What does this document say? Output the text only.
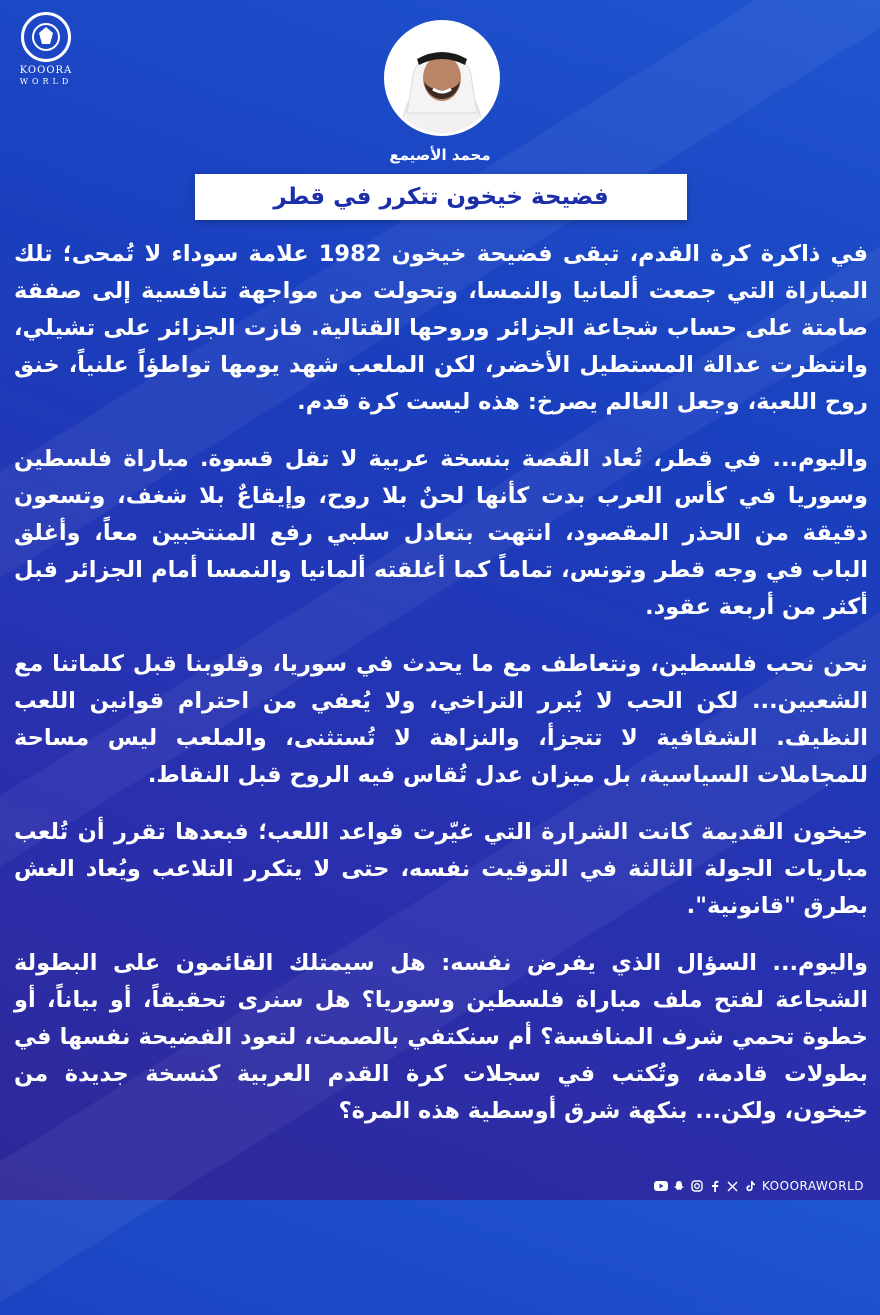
KOOORA
WORLD
محمد الأصيمع
فضيحة خيخون تتكرر في قطر

في ذاكرة كرة القدم، تبقى فضيحة خيخون 1982 علامة سوداء لا تُمحى؛ تلك المباراة التي جمعت ألمانيا والنمسا، وتحولت من مواجهة تنافسية إلى صفقة صامتة على حساب شجاعة الجزائر وروحها القتالية. فازت الجزائر على تشيلي، وانتظرت عدالة المستطيل الأخضر، لكن الملعب شهد يومها تواطؤاً علنياً، خنق روح اللعبة، وجعل العالم يصرخ: هذه ليست كرة قدم.

واليوم... في قطر، تُعاد القصة بنسخة عربية لا تقل قسوة. مباراة فلسطين وسوريا في كأس العرب بدت كأنها لحنٌ بلا روح، وإيقاعٌ بلا شغف، وتسعون دقيقة من الحذر المقصود، انتهت بتعادل سلبي رفع المنتخبين معاً، وأغلق الباب في وجه قطر وتونس، تماماً كما أغلقته ألمانيا والنمسا أمام الجزائر قبل أكثر من أربعة عقود.

نحن نحب فلسطين، ونتعاطف مع ما يحدث في سوريا، وقلوبنا قبل كلماتنا مع الشعبين... لكن الحب لا يُبرر التراخي، ولا يُعفي من احترام قوانين اللعب النظيف. الشفافية لا تتجزأ، والنزاهة لا تُستثنى، والملعب ليس مساحة للمجاملات السياسية، بل ميزان عدل تُقاس فيه الروح قبل النقاط.

خيخون القديمة كانت الشرارة التي غيّرت قواعد اللعب؛ فبعدها تقرر أن تُلعب مباريات الجولة الثالثة في التوقيت نفسه، حتى لا يتكرر التلاعب ويُعاد الغش بطرق "قانونية".

واليوم... السؤال الذي يفرض نفسه: هل سيمتلك القائمون على البطولة الشجاعة لفتح ملف مباراة فلسطين وسوريا؟ هل سنرى تحقيقاً، أو بياناً، أو خطوة تحمي شرف المنافسة؟ أم سنكتفي بالصمت، لتعود الفضيحة نفسها في بطولات قادمة، وتُكتب في سجلات كرة القدم العربية كنسخة جديدة من خيخون، ولكن... بنكهة شرق أوسطية هذه المرة؟

KOOORAWORLD
